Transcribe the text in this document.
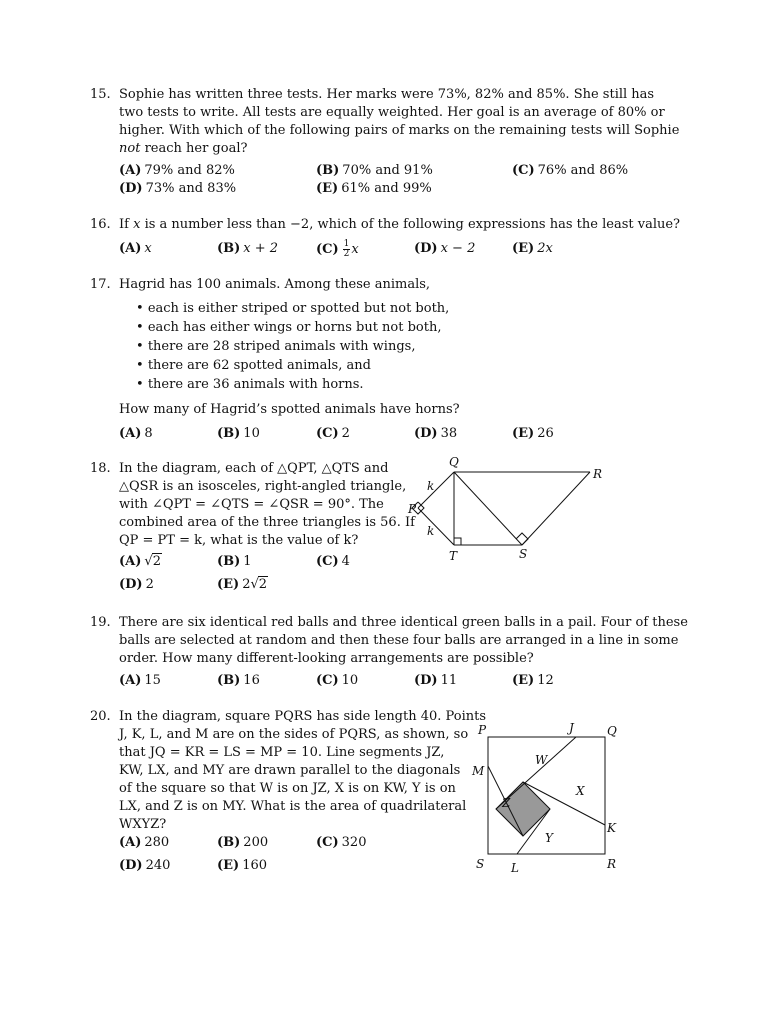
15. Sophie has written three tests. Her marks were 73%, 82% and 85%. She still has
two tests to write. All tests are equally weighted. Her goal is an average of 80% or
higher. With which of the following pairs of marks on the remaining tests will Sophie
not reach her goal?
(A) 79% and 82%	(B) 70% and 91%	(C) 76% and 86%
(D) 73% and 83%	(E) 61% and 99%
16. If x is a number less than −2, which of the following expressions has the least value?
(A) x	(B) x + 2	$(C) \frac{1}{2}$ x	(D) x − 2	(E) 2x
17. Hagrid has 100 animals. Among these animals,
• each is either striped or spotted but not both,
• each has either wings or horns but not both,
• there are 28 striped animals with wings,
• there are 62 spotted animals, and
• there are 36 animals with horns.
How many of Hagrid’s spotted animals have horns?
(A) 8	(B) 10	(C) 2	(D) 38	(E) 26
18. In the diagram, each of △QPT, △QTS and
△QSR is an isosceles, right-angled triangle,
with ∠QPT = ∠QTS = ∠QSR = 90°. The
combined area of the three triangles is 56. If
QP = PT = k, what is the value of k?
(A) √2	(B) 1	(C) 4
(D) 2	(E) 2√2
Q
R
P
T	S
k
k
19. There are six identical red balls and three identical green balls in a pail. Four of these
balls are selected at random and then these four balls are arranged in a line in some
order. How many different-looking arrangements are possible?
(A) 15	(B) 16	(C) 10	(D) 11	(E) 12
20. In the diagram, square PQRS has side length 40. Points
J, K, L, and M are on the sides of PQRS, as shown, so
that JQ = KR = LS = MP = 10. Line segments JZ,
KW, LX, and MY are drawn parallel to the diagonals
of the square so that W is on JZ, X is on KW, Y is on
LX, and Z is on MY. What is the area of quadrilateral
WXYZ?
(A) 280	(B) 200	(C) 320
(D) 240	(E) 160
P	J	Q
W
M
X
Z
K
Y
S L	R
